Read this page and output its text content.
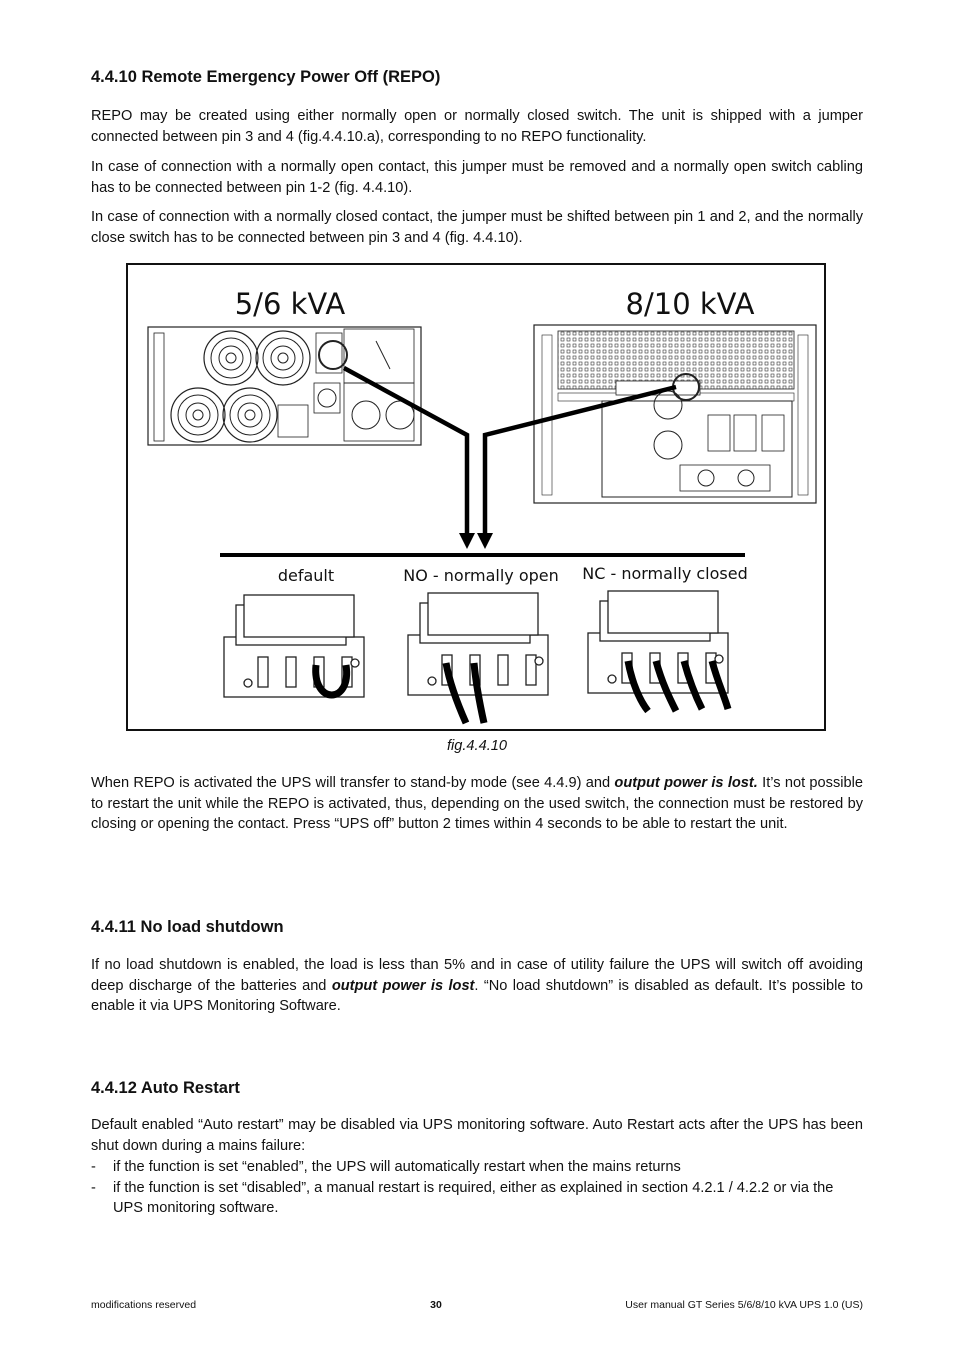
4.4.10 Remote Emergency Power Off (REPO)

REPO may be created using either normally open or normally closed switch. The unit is shipped with a jumper connected between pin 3 and 4 (fig.4.4.10.a), corresponding to no REPO functionality.

In case of connection with a normally open contact, this jumper must be removed and a normally open switch cabling has to be connected between pin 1-2 (fig. 4.4.10).

In case of connection with a normally closed contact, the jumper must be shifted between pin 1 and 2, and the normally close switch has to be connected between pin 3 and 4 (fig. 4.4.10).

5/6 kVA	8/10 kVA
default	NO - normally open NC - normally closed
fig.4.4.10

When REPO is activated the UPS will transfer to stand-by mode (see 4.4.9) and output power is lost. It’s not possible to restart the unit while the REPO is activated, thus, depending on the used switch, the connection must be restored by closing or opening the contact. Press “UPS off” button 2 times within 4 seconds to be able to restart the unit.

4.4.11 No load shutdown

If no load shutdown is enabled, the load is less than 5% and in case of utility failure the UPS will switch off avoiding deep discharge of the batteries and output power is lost. “No load shutdown” is disabled as default. It’s possible to enable it via UPS Monitoring Software.

4.4.12 Auto Restart

Default enabled “Auto restart” may be disabled via UPS monitoring software. Auto Restart acts after the UPS has been shut down during a mains failure:

- if the function is set “enabled”, the UPS will automatically restart when the mains returns
- if the function is set “disabled”, a manual restart is required, either as explained in section 4.2.1 / 4.2.2 or via the UPS monitoring software.
modifications reserved	30	User manual GT Series 5/6/8/10 kVA UPS 1.0 (US)
